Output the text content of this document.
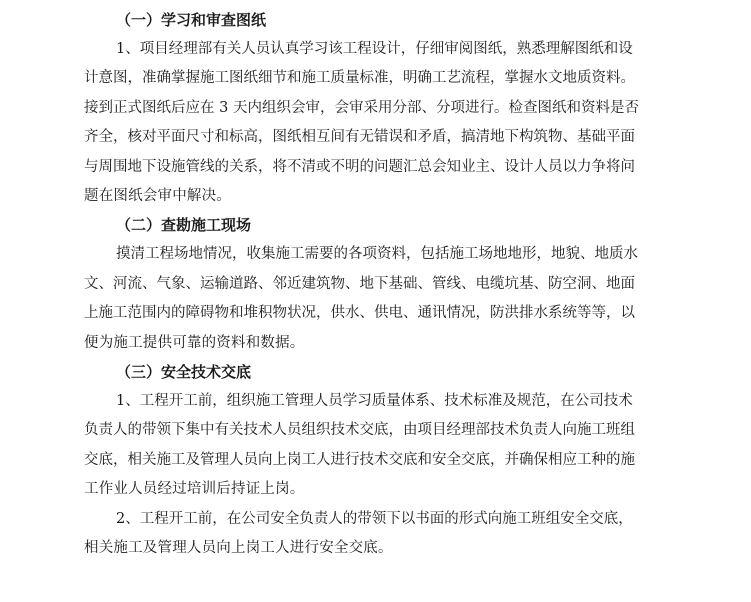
（一）学习和审查图纸

1、项目经理部有关人员认真学习该工程设计，仔细审阅图纸，熟悉理解图纸和设
计意图，准确掌握施工图纸细节和施工质量标准，明确工艺流程，掌握水文地质资料。
接到正式图纸后应在 3 天内组织会审，会审采用分部、分项进行。检查图纸和资料是否
齐全，核对平面尺寸和标高，图纸相互间有无错误和矛盾，搞清地下构筑物、基础平面
与周围地下设施管线的关系，将不清或不明的问题汇总会知业主、设计人员以力争将问
题在图纸会审中解决。

（二）查勘施工现场

摸清工程场地情况，收集施工需要的各项资料，包括施工场地地形，地貌、地质水
文、河流、气象、运输道路、邻近建筑物、地下基础、管线、电缆坑基、防空洞、地面
上施工范围内的障碍物和堆积物状况，供水、供电、通讯情况，防洪排水系统等等，以
便为施工提供可靠的资料和数据。

（三）安全技术交底

1、工程开工前，组织施工管理人员学习质量体系、技术标准及规范，在公司技术
负责人的带领下集中有关技术人员组织技术交底，由项目经理部技术负责人向施工班组
交底，相关施工及管理人员向上岗工人进行技术交底和安全交底，并确保相应工种的施
工作业人员经过培训后持证上岗。

2、工程开工前，在公司安全负责人的带领下以书面的形式向施工班组安全交底，
相关施工及管理人员向上岗工人进行安全交底。
